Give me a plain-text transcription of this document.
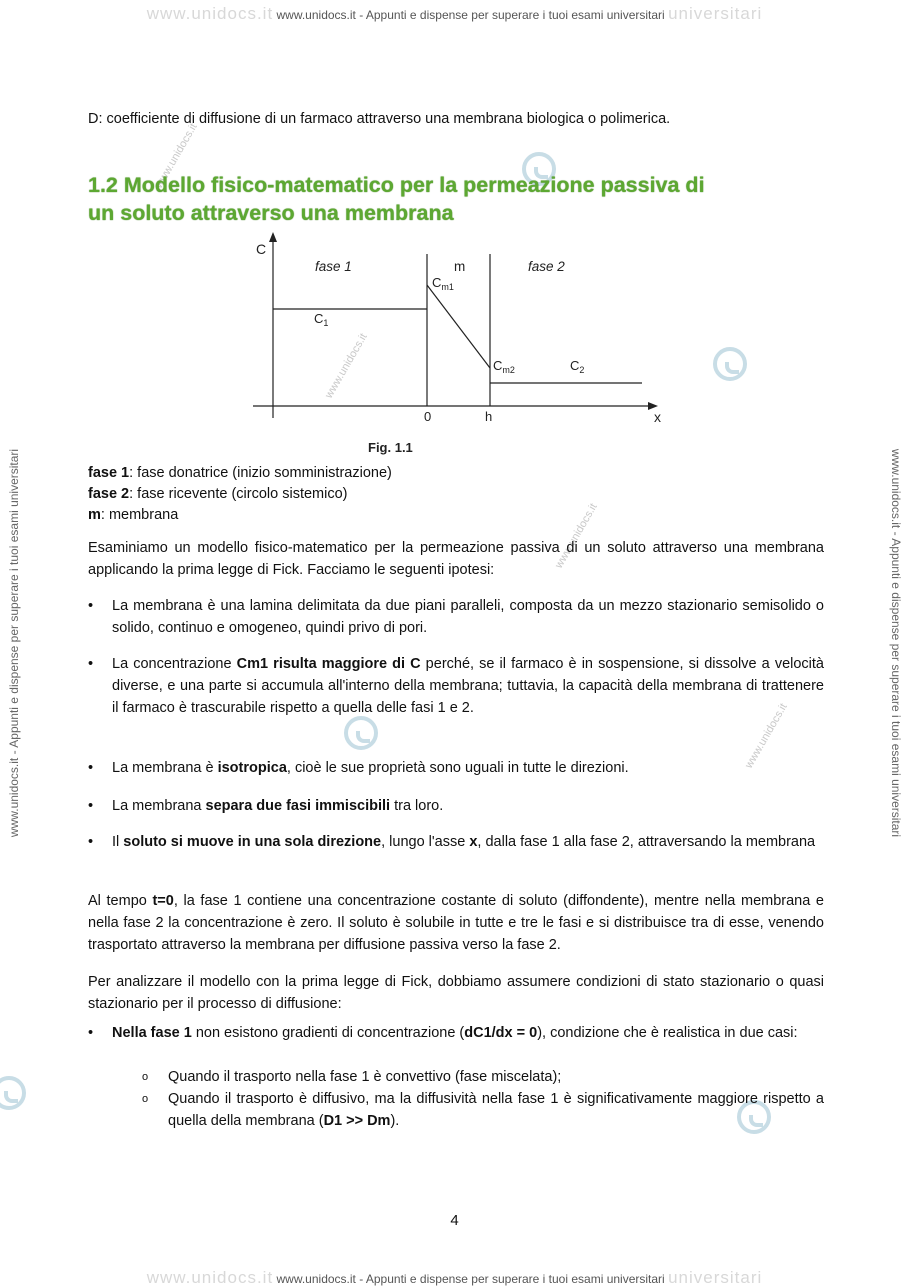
www.unidocs.it www.unidocs.it - Appunti e dispense per superare i tuoi esami universitari universitari
www.unidocs.it - Appunti e dispense per superare i tuoi esami universitari	www.unidocs.it - Appunti e dispense per superare i tuoi esami universitari
www.unidocs.it
www.unidocs.it
www.unidocs.it
www.unidocs.it
D: coefficiente di diffusione di un farmaco attraverso una membrana biologica o polimerica.
1.2 Modello fisico-matematico per la permeazione passiva di
un soluto attraverso una membrana
C
x
fase 1	m	fase 2
$C_1$
$C_{m1}$
$C_{m2}$	$C_2$
0	h
Fig. 1.1
fase 1: fase donatrice (inizio somministrazione)
fase 2: fase ricevente (circolo sistemico)
m: membrana
Esaminiamo un modello fisico-matematico per la permeazione passiva di un soluto attraverso una membrana applicando la prima legge di Fick. Facciamo le seguenti ipotesi:
• La membrana è una lamina delimitata da due piani paralleli, composta da un mezzo stazionario semisolido o solido, continuo e omogeneo, quindi privo di pori.
• La concentrazione Cm1 risulta maggiore di C perché, se il farmaco è in sospensione, si dissolve a velocità diverse, e una parte si accumula all'interno della membrana; tuttavia, la capacità della membrana di trattenere il farmaco è trascurabile rispetto a quella delle fasi 1 e 2.
• La membrana è isotropica, cioè le sue proprietà sono uguali in tutte le direzioni.
• La membrana separa due fasi immiscibili tra loro.
• Il soluto si muove in una sola direzione, lungo l'asse x, dalla fase 1 alla fase 2, attraversando la membrana
Al tempo t=0, la fase 1 contiene una concentrazione costante di soluto (diffondente), mentre nella membrana e nella fase 2 la concentrazione è zero. Il soluto è solubile in tutte e tre le fasi e si distribuisce tra di esse, venendo trasportato attraverso la membrana per diffusione passiva verso la fase 2.
Per analizzare il modello con la prima legge di Fick, dobbiamo assumere condizioni di stato stazionario o quasi stazionario per il processo di diffusione:
• Nella fase 1 non esistono gradienti di concentrazione (dC1/dx = 0), condizione che è realistica in due casi:
o Quando il trasporto nella fase 1 è convettivo (fase miscelata);
o Quando il trasporto è diffusivo, ma la diffusività nella fase 1 è significativamente maggiore rispetto a quella della membrana (D1 >> Dm).
4
www.unidocs.it www.unidocs.it - Appunti e dispense per superare i tuoi esami universitari universitari
